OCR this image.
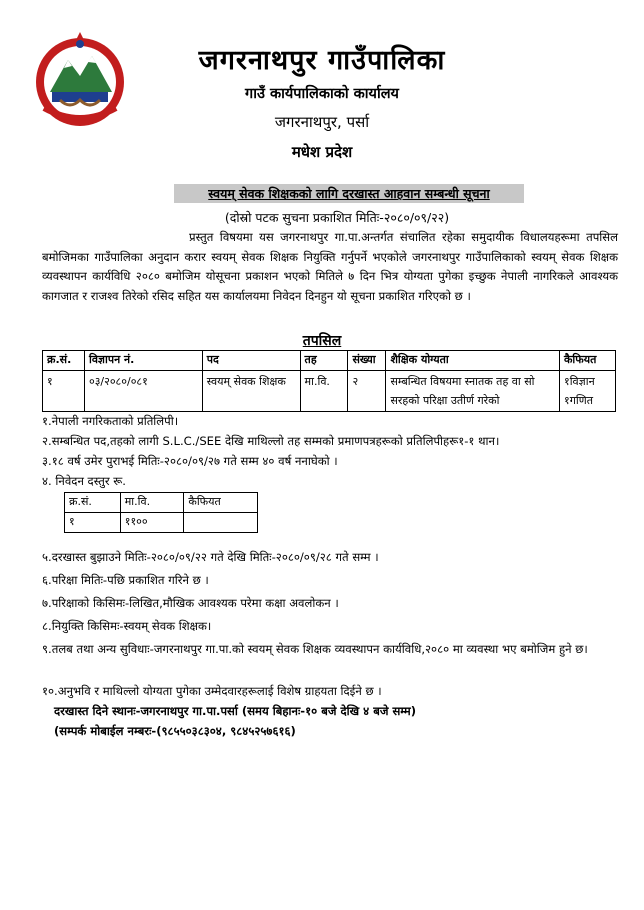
जगरनाथपुर गाउँपालिका
गाउँ कार्यपालिकाको कार्यालय
जगरनाथपुर, पर्सा
मधेश प्रदेश
स्वयम् सेवक शिक्षकको लागि दरखास्त आहवान सम्बन्धी सूचना
(दोस्रो पटक सुचना प्रकाशित मितिः-२०८०/०९/२२)
प्रस्तुत विषयमा यस जगरनाथपुर गा.पा.अन्तर्गत संचालित रहेका समुदायीक विधालयहरूमा तपसिल बमोजिमका गाउँपालिका अनुदान करार स्वयम् सेवक शिक्षक नियुक्ति गर्नुपर्ने भएकोले जगरनाथपुर गाउँपालिकाको स्वयम् सेवक शिक्षक व्यवस्थापन कार्यविधि २०८० बमोजिम योसूचना प्रकाशन भएको मितिले ७ दिन भित्र योग्यता पुगेका इच्छुक नेपाली नागरिकले आवश्यक कागजात र राजश्व तिरेको रसिद सहित यस कार्यालयमा निवेदन दिनहुन यो सूचना प्रकाशित गरिएको छ ।
तपसिल
क्र.सं.	विज्ञापन नं.	पद	तह	संख्या	शैक्षिक योग्यता	कैफियत
१	०३/२०८०/०८१	स्वयम् सेवक शिक्षक	मा.वि.	२	सम्बन्धित विषयमा स्नातक तह वा सो सरहको परिक्षा उतीर्ण गरेको	१विज्ञान १गणित
१.नेपाली नगरिकताको प्रतिलिपी।
२.सम्बन्धित पद,तहको लागी S.L.C./SEE देखि माथिल्लो तह सम्मको प्रमाणपत्रहरूको प्रतिलिपीहरू१-१ थान।
३.१८ वर्ष उमेर पुराभई मितिः-२०८०/०९/२७ गते सम्म ४० वर्ष ननाघेको ।
४. निवेदन दस्तुर रू.
क्र.सं.	मा.वि.	कैफियत
१	११००	
५.दरखास्त बुझाउने मितिः-२०८०/०९/२२ गते देखि मितिः-२०८०/०९/२८ गते सम्म ।
६.परिक्षा मितिः-पछि प्रकाशित गरिने छ ।
७.परिक्षाको किसिमः-लिखित,मौखिक आवश्यक परेमा कक्षा अवलोकन ।
८.नियुक्ति किसिमः-स्वयम् सेवक शिक्षक।
९.तलब तथा अन्य सुविधाः-जगरनाथपुर गा.पा.को स्वयम् सेवक शिक्षक व्यवस्थापन कार्यविधि,२०८० मा व्यवस्था भए बमोजिम हुने छ।
१०.अनुभवि र माथिल्लो योग्यता पुगेका उम्मेदवारहरूलाई विशेष ग्राहयता दिईने छ ।
दरखास्त दिने स्थानः-जगरनाथपुर गा.पा.पर्सा (समय बिहानः-१० बजे देखि ४ बजे सम्म)
(सम्पर्क मोबाईल नम्बरः-(९८५५०३८३०४, ९८४५२५७६१६)
